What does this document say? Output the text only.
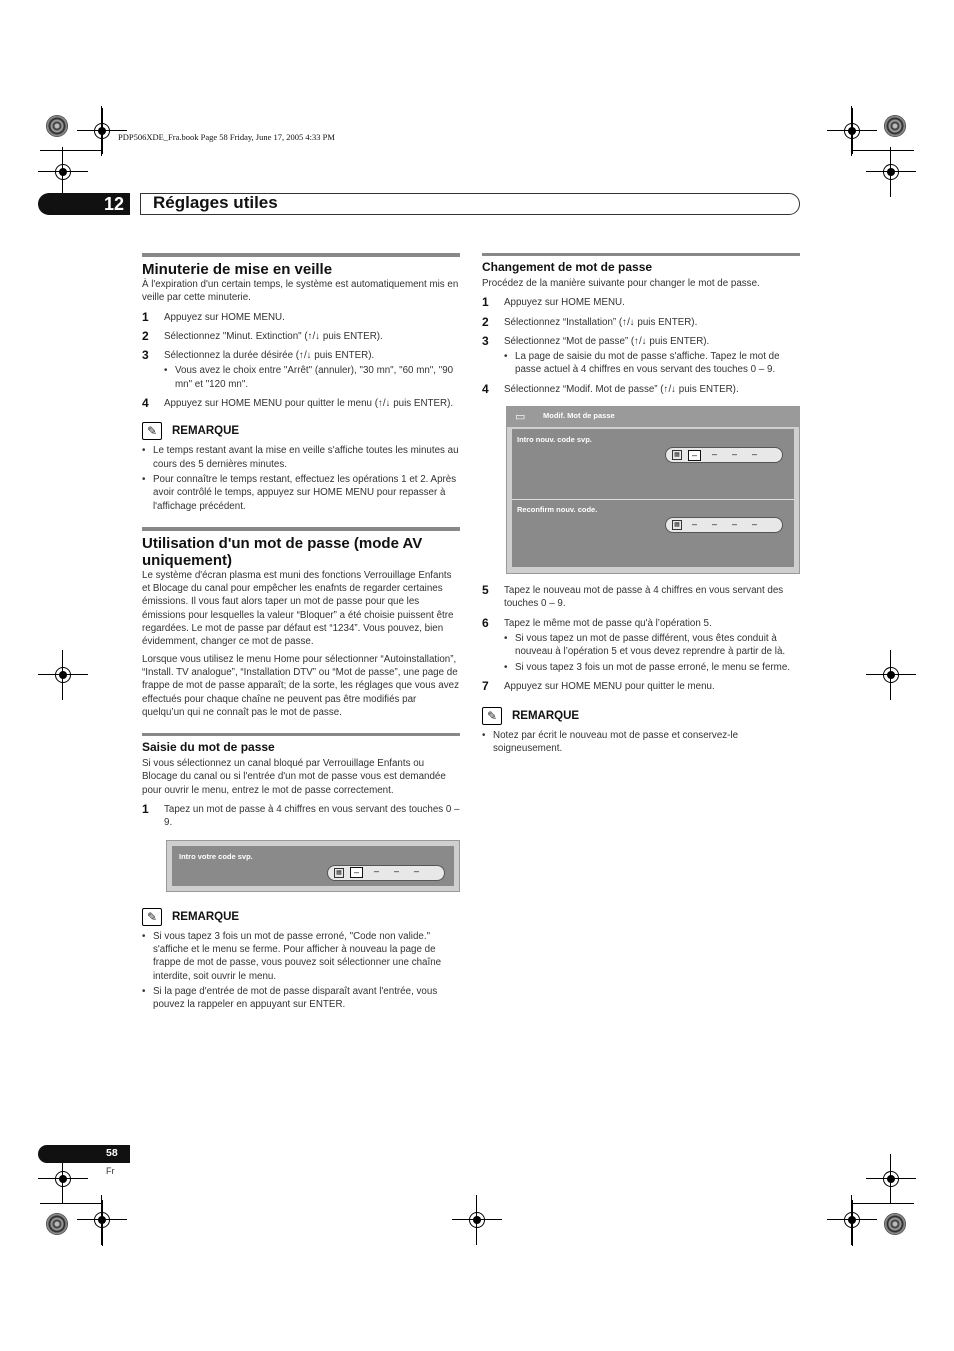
PDP506XDE_Fra.book Page 58 Friday, June 17, 2005 4:33 PM
12 Réglages utiles
Minuterie de mise en veille

À l'expiration d'un certain temps, le système est automatiquement mis en veille par cette minuterie.

1	Appuyez sur HOME MENU.
2	Sélectionnez "Minut. Extinction" (↑/↓ puis ENTER).
3	Sélectionnez la durée désirée (↑/↓ puis ENTER).
• Vous avez le choix entre "Arrêt" (annuler), "30 mn", "60 mn", "90 mn" et "120 mn".
4	Appuyez sur HOME MENU pour quitter le menu (↑/↓ puis ENTER).
✎	REMARQUE
• Le temps restant avant la mise en veille s'affiche toutes les minutes au cours des 5 dernières minutes.
• Pour connaître le temps restant, effectuez les opérations 1 et 2. Après avoir contrôlé le temps, appuyez sur HOME MENU pour repasser à l'affichage précédent.
Utilisation d'un mot de passe (mode AV uniquement)

Le système d'écran plasma est muni des fonctions Verrouillage Enfants et Blocage du canal pour empêcher les enafnts de regarder certaines émissions. Il vous faut alors taper un mot de passe pour que les émissions pour lesquelles la valeur “Bloquer” a été choisie puissent être regardées. Le mot de passe par défaut est “1234”. Vous pouvez, bien évidemment, changer ce mot de passe.

Lorsque vous utilisez le menu Home pour sélectionner “Autoinstallation”, “Install. TV analogue”, “Installation DTV” ou “Mot de passe”, une page de frappe de mot de passe apparaît; de la sorte, les réglages que vous avez effectués pour chaque chaîne ne peuvent pas être modifiés par quelqu’un qui ne connaît pas le mot de passe.

Saisie du mot de passe

Si vous sélectionnez un canal bloqué par Verrouillage Enfants ou Blocage du canal ou si l'entrée d'un mot de passe vous est demandée pour ouvrir le menu, entrez le mot de passe correctement.

1	Tapez un mot de passe à 4 chiffres en vous servant des touches 0 – 9.
Intro votre code svp.
▦	–	–	–	–
✎	REMARQUE
• Si vous tapez 3 fois un mot de passe erroné, "Code non valide." s'affiche et le menu se ferme. Pour afficher à nouveau la page de frappe de mot de passe, vous pouvez soit sélectionner une chaîne interdite, soit ouvrir le menu.
• Si la page d'entrée de mot de passe disparaît avant l'entrée, vous pouvez la rappeler en appuyant sur ENTER.
Changement de mot de passe

Procédez de la manière suivante pour changer le mot de passe.

1	Appuyez sur HOME MENU.
2	Sélectionnez “Installation” (↑/↓ puis ENTER).
3	Sélectionnez “Mot de passe” (↑/↓ puis ENTER).
• La page de saisie du mot de passe s'affiche. Tapez le mot de passe actuel à 4 chiffres en vous servant des touches 0 – 9.
4	Sélectionnez “Modif. Mot de passe” (↑/↓ puis ENTER).
▭ Modif. Mot de passe
Intro nouv. code svp.
▦	–	–	–	–
Reconfirm nouv. code.
▦	–	–	–	–
5	Tapez le nouveau mot de passe à 4 chiffres en vous servant des touches 0 – 9.
6	Tapez le même mot de passe qu'à l’opération 5.
• Si vous tapez un mot de passe différent, vous êtes conduit à nouveau à l’opération 5 et vous devez reprendre à partir de là.
• Si vous tapez 3 fois un mot de passe erroné, le menu se ferme.
7	Appuyez sur HOME MENU pour quitter le menu.
✎	REMARQUE
• Notez par écrit le nouveau mot de passe et conservez-le soigneusement.
58
Fr
